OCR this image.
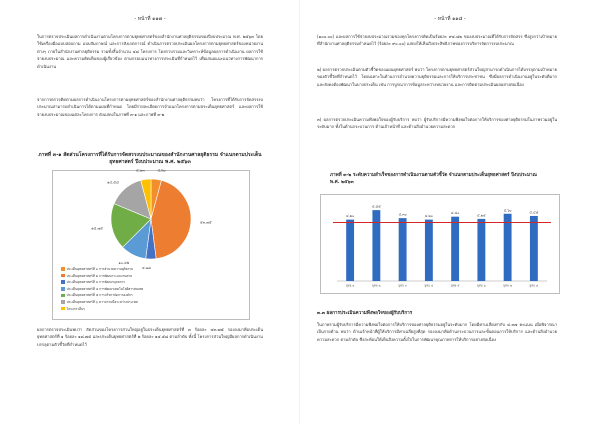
- หน้าที่ ๑๑๗ -

ในการตรวจประเมินผลการดำเนินงานตามโครงการตามยุทธศาสตร์ของสำนักงานศาลยุติธรรมของปีงบประมาณ พ.ศ. ๒๕๖๓ โดยใช้เครื่องมือแบบสอบถาม แบบสัมภาษณ์ และการสังเกตการณ์ ดำเนินการตรวจประเมินผลโครงการตามยุทธศาสตร์ของหน่วยงานต่างๆ ภายในสำนักงานศาลยุติธรรม รวมทั้งสิ้นจำนวน ๔๘ โครงการ โดยรวบรวมและวิเคราะห์ข้อมูลผลการดำเนินงาน ผลการใช้จ่ายงบประมาณ และความคิดเห็นของผู้เกี่ยวข้อง ตามกรอบแนวทางการประเมินที่กำหนดไว้ เพื่อเสนอแนะแนวทางการพัฒนาการดำเนินงาน

จากการตรวจติดตามผลการดำเนินงานโครงการตามยุทธศาสตร์ของสำนักงานศาลยุติธรรมพบว่า โครงการที่ได้รับการจัดสรรงบประมาณสามารถดำเนินการได้ตามแผนที่กำหนด โดยมีรายละเอียดการจำแนกโครงการตามประเด็นยุทธศาสตร์ และผลการใช้จ่ายงบประมาณของแต่ละโครงการ ดังแสดงในภาพที่ ๓-๑ และภาพที่ ๓-๒

ภาพที่ ๓-๑ สัดส่วนโครงการที่ได้รับการจัดสรรงบประมาณของสำนักงานศาลยุติธรรม จำแนกตามประเด็นยุทธศาสตร์ ปีงบประมาณ พ.ศ. ๒๕๖๓
๔.๒๐
๔๓.๗๕
๔.๑๗
๑๐.๔๒
๑๘.๗๕
๑๔.๕๘
๔.๑๓
ประเด็นยุทธศาสตร์ที่ ๑ การอำนวยความยุติธรรม
ประเด็นยุทธศาสตร์ที่ ๒ การพัฒนาระบบงานศาล
ประเด็นยุทธศาสตร์ที่ ๓ การพัฒนาบุคลากร
ประเด็นยุทธศาสตร์ที่ ๔ การพัฒนาเทคโนโลยีสารสนเทศ
ประเด็นยุทธศาสตร์ที่ ๕ การบริหารจัดการองค์กร
ประเด็นยุทธศาสตร์ที่ ๖ ความร่วมมือระหว่างประเทศ
โครงการอื่นๆ

ผลการตรวจประเมินพบว่า สัดส่วนของโครงการส่วนใหญ่อยู่ในประเด็นยุทธศาสตร์ที่ ๓ ร้อยละ ๔๓.๗๕ รองลงมาคือประเด็นยุทธศาสตร์ที่ ๑ ร้อยละ ๑๘.๗๕ และประเด็นยุทธศาสตร์ที่ ๒ ร้อยละ ๑๔.๕๘ ตามลำดับ ทั้งนี้ โครงการส่วนใหญ่มีผลการดำเนินงานบรรลุตามตัวชี้วัดที่กำหนดไว้

- หน้าที่ ๑๑๘ -

(๑๐๐.๐๐) และผลการใช้จ่ายงบประมาณรวมของทุกโครงการคิดเป็นร้อยละ ๙๔.๘๒ ของงบประมาณที่ได้รับการจัดสรร ซึ่งสูงกว่าเป้าหมายที่สำนักงานศาลยุติธรรมกำหนดไว้ (ร้อยละ ๙๐.๐๐) แสดงให้เห็นถึงประสิทธิภาพของการบริหารจัดการงบประมาณ

๒) ผลการตรวจประเมินตามตัวชี้วัดของแผนยุทธศาสตร์ พบว่า โครงการตามยุทธศาสตร์ส่วนใหญ่สามารถดำเนินการได้บรรลุตามเป้าหมายของตัวชี้วัดที่กำหนดไว้ โดยเฉพาะในด้านการอำนวยความยุติธรรมและการให้บริการประชาชน ซึ่งมีผลการดำเนินงานอยู่ในระดับดีมาก และยังคงต้องพัฒนาในบางประเด็น เช่น การบูรณาการข้อมูลระหว่างหน่วยงาน และการติดตามประเมินผลอย่างต่อเนื่อง

๓) ผลการตรวจประเมินความพึงพอใจของผู้รับบริการ พบว่า ผู้รับบริการมีความพึงพอใจต่อการให้บริการของศาลยุติธรรมในภาพรวมอยู่ในระดับมาก ทั้งในด้านกระบวนการ ด้านเจ้าหน้าที่ และด้านสิ่งอำนวยความสะดวก

ภาพที่ ๓-๒ ระดับความสำเร็จของการดำเนินงานตามตัวชี้วัด จำแนกตามประเด็นยุทธศาสตร์ ปีงบประมาณ พ.ศ. ๒๕๖๓
๔.๒๐
ยุทธ ๑
๔.๘๕
ยุทธ ๒
๔.๓๐
ยุทธ ๓
๔.๒๐
ยุทธ ๔
๔.๔๐
ยุทธ ๕
๔.๒๕
ยุทธ ๖
๔.๖๐
ยุทธ ๗
๔.๔๕
ยุทธ ๘
๓.๓ ผลการประเมินความพึงพอใจของผู้รับบริการ

ในภาพรวมผู้รับบริการมีความพึงพอใจต่อการให้บริการของศาลยุติธรรมอยู่ในระดับมาก โดยมีค่าเฉลี่ยเท่ากับ ๔.๓๗ คะแนน เมื่อพิจารณาเป็นรายด้าน พบว่า ด้านเจ้าหน้าที่ผู้ให้บริการมีค่าเฉลี่ยสูงที่สุด รองลงมาคือด้านกระบวนการและขั้นตอนการให้บริการ และด้านสิ่งอำนวยความสะดวก ตามลำดับ ซึ่งสะท้อนให้เห็นถึงความตั้งใจในการพัฒนาคุณภาพการให้บริการอย่างต่อเนื่อง
